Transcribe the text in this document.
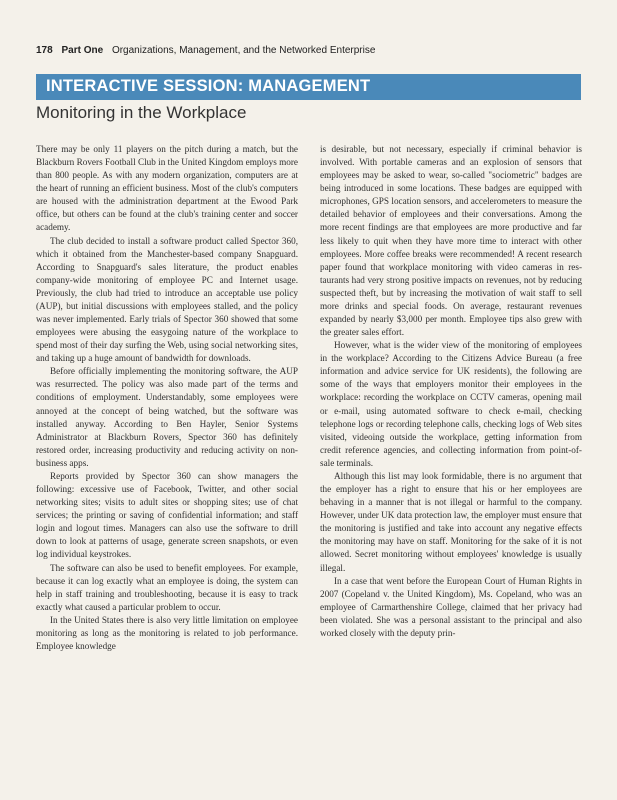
178 Part One Organizations, Management, and the Networked Enterprise
INTERACTIVE SESSION: MANAGEMENT
Monitoring in the Workplace

There may be only 11 players on the pitch during a match, but the Blackburn Rovers Football Club in the United Kingdom employs more than 800 people. As with any modern organization, computers are at the heart of running an efficient business. Most of the club's computers are housed with the administration department at the Ewood Park office, but others can be found at the club's training center and soccer academy.

The club decided to install a software product called Spector 360, which it obtained from the Manchester-based company Snapguard. According to Snapguard's sales literature, the product enables company-wide monitoring of employee PC and Internet usage. Previously, the club had tried to introduce an acceptable use policy (AUP), but initial discussions with employees stalled, and the policy was never implemented. Early trials of Spector 360 showed that some employees were abusing the easygoing nature of the workplace to spend most of their day surfing the Web, using social networking sites, and taking up a huge amount of bandwidth for downloads.

Before officially implementing the monitoring software, the AUP was resurrected. The policy was also made part of the terms and conditions of employment. Understandably, some employees were annoyed at the concept of being watched, but the software was installed anyway. According to Ben Hayler, Senior Systems Administrator at Blackburn Rovers, Spector 360 has definitely restored order, increasing productivity and reducing activity on non-business apps.

Reports provided by Spector 360 can show managers the following: excessive use of Facebook, Twitter, and other social networking sites; visits to adult sites or shopping sites; use of chat services; the printing or saving of confidential information; and staff login and logout times. Managers can also use the software to drill down to look at patterns of usage, generate screen snapshots, or even log individual keystrokes.

The software can also be used to benefit employees. For example, because it can log exactly what an employee is doing, the system can help in staff training and troubleshooting, because it is easy to track exactly what caused a particular problem to occur.

In the United States there is also very little limitation on employee monitoring as long as the monitoring is related to job performance. Employee knowledge

is desirable, but not necessary, especially if criminal behavior is involved. With portable cameras and an explosion of sensors that employees may be asked to wear, so-called "sociometric" badges are being introduced in some locations. These badges are equipped with microphones, GPS location sensors, and accelerometers to measure the detailed behavior of employees and their conversations. Among the more recent findings are that employees are more productive and far less likely to quit when they have more time to interact with other employees. More coffee breaks were recommended! A recent research paper found that workplace monitoring with video cameras in restaurants had very strong positive impacts on revenues, not by reducing suspected theft, but by increasing the motivation of wait staff to sell more drinks and special foods. On average, restaurant revenues expanded by nearly $3,000 per month. Employee tips also grew with the greater sales effort.

However, what is the wider view of the monitoring of employees in the workplace? According to the Citizens Advice Bureau (a free information and advice service for UK residents), the following are some of the ways that employers monitor their employees in the workplace: recording the workplace on CCTV cameras, opening mail or e-mail, using automated software to check e-mail, checking telephone logs or recording telephone calls, checking logs of Web sites visited, videoing outside the workplace, getting information from credit reference agencies, and collecting information from point-of-sale terminals.

Although this list may look formidable, there is no argument that the employer has a right to ensure that his or her employees are behaving in a manner that is not illegal or harmful to the company. However, under UK data protection law, the employer must ensure that the monitoring is justified and take into account any negative effects the monitoring may have on staff. Monitoring for the sake of it is not allowed. Secret monitoring without employees' knowledge is usually illegal.

In a case that went before the European Court of Human Rights in 2007 (Copeland v. the United Kingdom), Ms. Copeland, who was an employee of Carmarthenshire College, claimed that her privacy had been violated. She was a personal assistant to the principal and also worked closely with the deputy prin-
